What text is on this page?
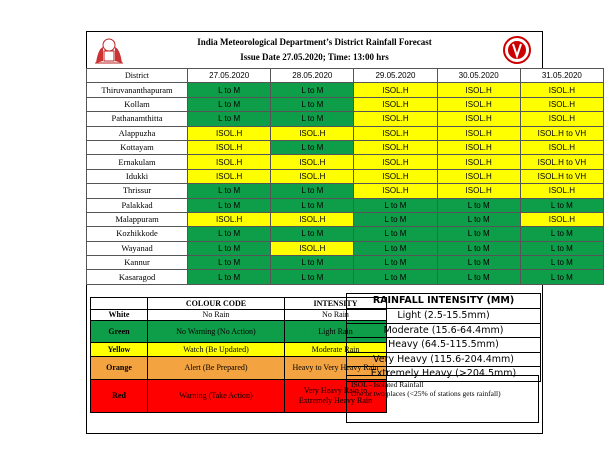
India Meteorological Department’s District Rainfall Forecast
Issue Date 27.05.2020; Time: 13:00 hrs
District	27.05.2020	28.05.2020	29.05.2020	30.05.2020	31.05.2020
Thiruvananthapuram	L to M	L to M	ISOL.H	ISOL.H	ISOL.H
Kollam	L to M	L to M	ISOL.H	ISOL.H	ISOL.H
Pathanamthitta	L to M	L to M	ISOL.H	ISOL.H	ISOL.H
Alappuzha	ISOL.H	ISOL.H	ISOL.H	ISOL.H	ISOL.H to VH
Kottayam	ISOL.H	L to M	ISOL.H	ISOL.H	ISOL.H
Ernakulam	ISOL.H	ISOL.H	ISOL.H	ISOL.H	ISOL.H to VH
Idukki	ISOL.H	ISOL.H	ISOL.H	ISOL.H	ISOL.H to VH
Thrissur	L to M	L to M	ISOL.H	ISOL.H	ISOL.H
Palakkad	L to M	L to M	L to M	L to M	L to M
Malappuram	ISOL.H	ISOL.H	L to M	L to M	ISOL.H
Kozhikkode	L to M	L to M	L to M	L to M	L to M
Wayanad	L to M	ISOL.H	L to M	L to M	L to M
Kannur	L to M	L to M	L to M	L to M	L to M
Kasaragod	L to M	L to M	L to M	L to M	L to M
	COLOUR CODE	INTENSITY
White	No Rain	No Rain
Green	No Warning (No Action)	Light Rain
Yellow	Watch (Be Updated)	Moderate Rain
Orange	Alert (Be Prepared)	Heavy to Very Heavy Rain
Red	Warning (Take Action)	Very Heavy Rain to Extremely Heavy Rain
RAINFALL INTENSITY (MM)
Light (2.5-15.5mm)
Moderate (15.6-64.4mm)
Heavy (64.5-115.5mm)
Very Heavy (115.6-204.4mm)
Extremely Heavy (>204.5mm)
ISOL - Isolated Rainfall
One or two places (<25% of stations gets rainfall)
